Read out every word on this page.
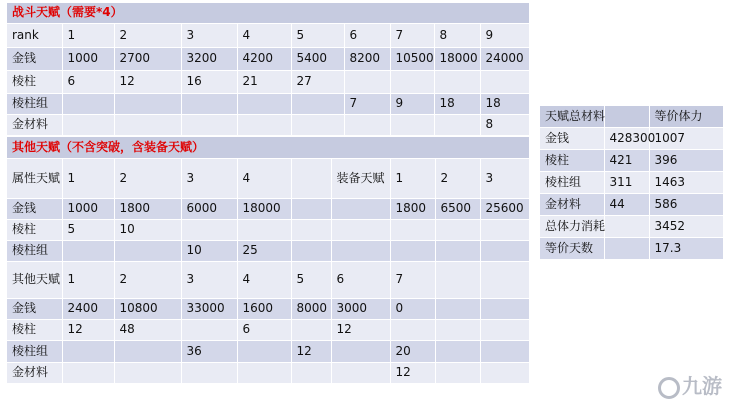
战斗天赋（需要*4）									
rank	1	2	3	4	5	6	7	8	9
金钱	1000	2700	3200	4200	5400	8200	10500	18000	24000
棱柱	6	12	16	21	27				
棱柱组						7	9	18	18
金材料									8
其他天赋（不含突破，含装备天赋）									
属性天赋	1	2	3	4		装备天赋	1	2	3
金钱	1000	1800	6000	18000			1800	6500	25600
棱柱	5	10							
棱柱组			10	25					
其他天赋	1	2	3	4	5	6	7		
金钱	2400	10800	33000	1600	8000	3000	0		
棱柱	12	48		6		12			
棱柱组			36		12		20		
金材料							12		
天赋总材料		等价体力
金钱	428300	1007
棱柱	421	396
棱柱组	311	1463
金材料	44	586
总体力消耗		3452
等价天数		17.3
九游
